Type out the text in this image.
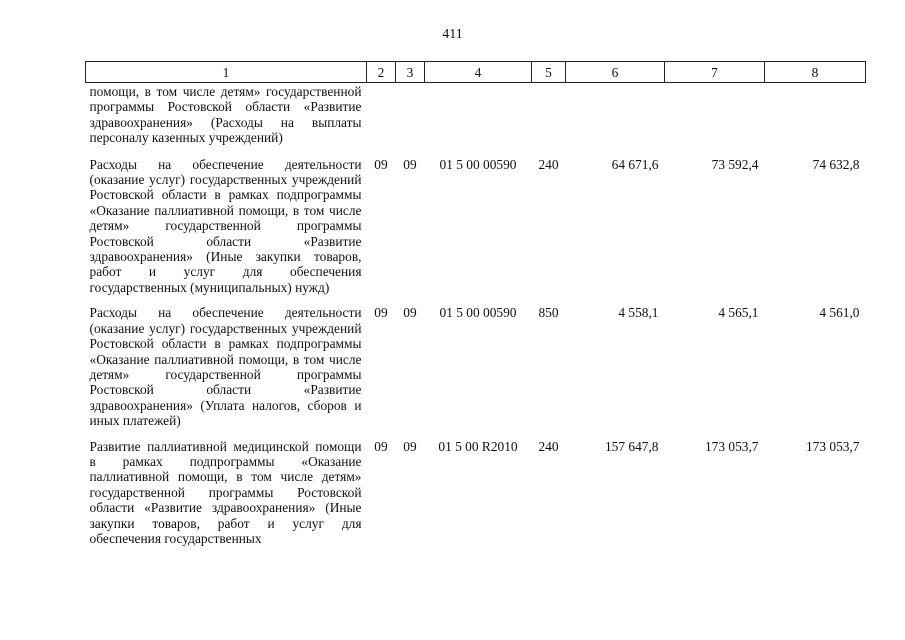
411
1	2	3	4	5	6	7	8
помощи, в том числе детям» государственной программы Ростовской области «Развитие здравоохранения» (Расходы на выплаты персоналу казенных учреждений)							
Расходы на обеспечение деятельности (оказание услуг) государственных учреждений Ростовской области в рамках подпрограммы «Оказание паллиативной помощи, в том числе детям» государственной программы Ростовской области «Развитие здравоохранения» (Иные закупки товаров, работ и услуг для обеспечения государственных (муниципальных) нужд)	09	09	01 5 00 00590	240	64 671,6	73 592,4	74 632,8
Расходы на обеспечение деятельности (оказание услуг) государственных учреждений Ростовской области в рамках подпрограммы «Оказание паллиативной помощи, в том числе детям» государственной программы Ростовской области «Развитие здравоохранения» (Уплата налогов, сборов и иных платежей)	09	09	01 5 00 00590	850	4 558,1	4 565,1	4 561,0
Развитие паллиативной медицинской помощи в рамках подпрограммы «Оказание паллиативной помощи, в том числе детям» государственной программы Ростовской области «Развитие здравоохранения» (Иные закупки товаров, работ и услуг для обеспечения государственных	09	09	01 5 00 R2010	240	157 647,8	173 053,7	173 053,7
